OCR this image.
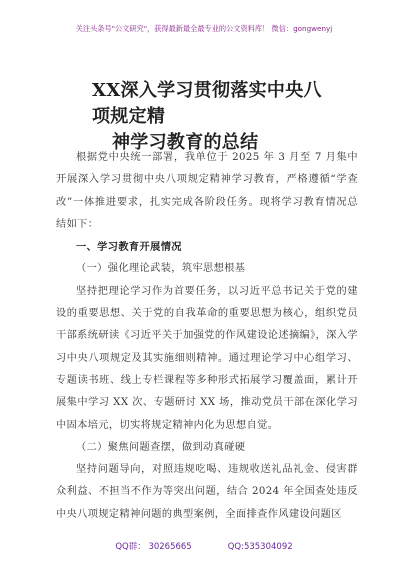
关注头条号"公文研究"，获得最新最全最专业的公文资料库！ 微信：gongwenyj
XX深入学习贯彻落实中央八项规定精
神学习教育的总结

根据党中央统一部署，我单位于 2025 年 3 月至 7 月集中开展深入学习贯彻中央八项规定精神学习教育，严格遵循“学查改”一体推进要求，扎实完成各阶段任务。现将学习教育情况总结如下：

一、学习教育开展情况

（一）强化理论武装，筑牢思想根基

坚持把理论学习作为首要任务，以习近平总书记关于党的建设的重要思想、关于党的自我革命的重要思想为核心，组织党员干部系统研读《习近平关于加强党的作风建设论述摘编》，深入学习中央八项规定及其实施细则精神。通过理论学习中心组学习、专题读书班、线上专栏课程等多种形式拓展学习覆盖面，累计开展集中学习 XX 次、专题研讨 XX 场，推动党员干部在深化学习中固本培元，切实将规定精神内化为思想自觉。

（二）聚焦问题查摆，做到动真碰硬

坚持问题导向，对照违规吃喝、违规收送礼品礼金、侵害群众利益、不担当不作为等突出问题，结合 2024 年全国查处违反中央八项规定精神问题的典型案例，全面排查作风建设问题区

QQ群： 30265665	QQ:535304092
